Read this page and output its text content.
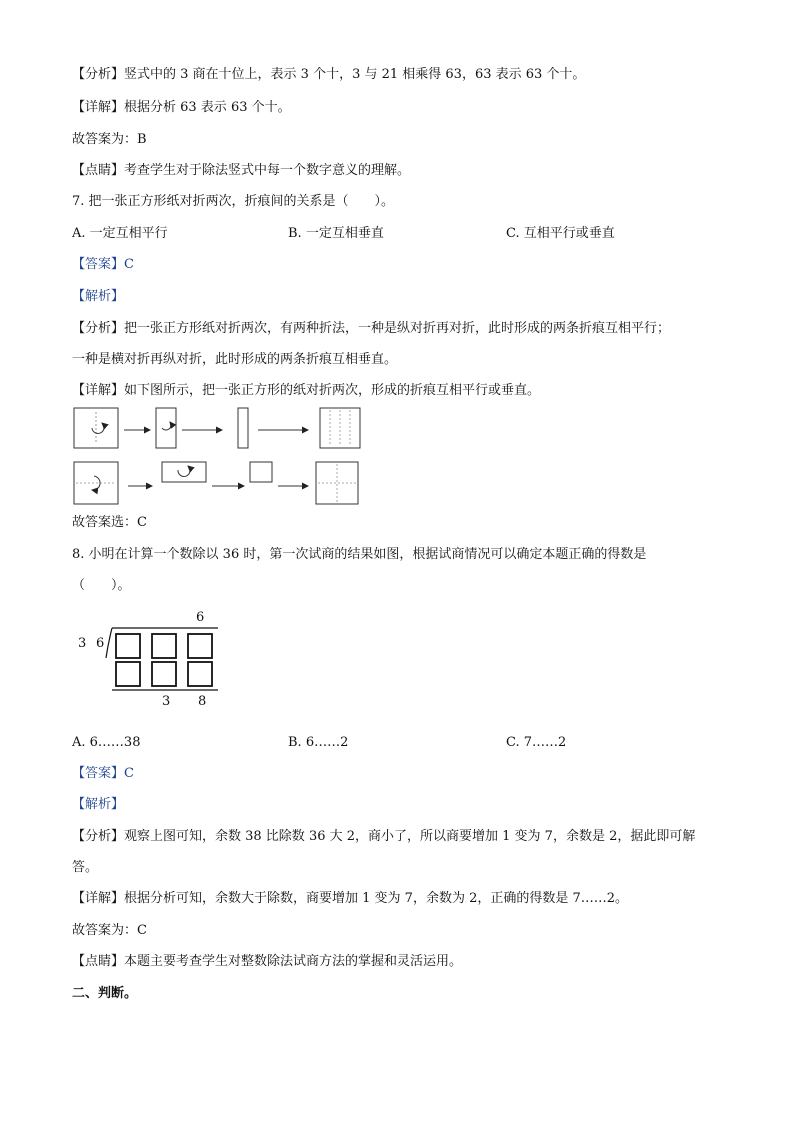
【分析】竖式中的 3 商在十位上，表示 3 个十，3 与 21 相乘得 63，63 表示 63 个十。
【详解】根据分析 63 表示 63 个十。
故答案为：B
【点睛】考查学生对于除法竖式中每一个数字意义的理解。
7. 把一张正方形纸对折两次，折痕间的关系是（　　）。
A. 一定互相平行	B. 一定互相垂直	C. 互相平行或垂直
【答案】C
【解析】
【分析】把一张正方形纸对折两次，有两种折法，一种是纵对折再对折，此时形成的两条折痕互相平行；
一种是横对折再纵对折，此时形成的两条折痕互相垂直。
【详解】如下图所示，把一张正方形的纸对折两次，形成的折痕互相平行或垂直。
故答案选：C
8. 小明在计算一个数除以 36 时，第一次试商的结果如图，根据试商情况可以确定本题正确的得数是
（　　）。
6
3 6
3 8
A. 6……38	B. 6……2	C. 7……2
【答案】C
【解析】
【分析】观察上图可知，余数 38 比除数 36 大 2，商小了，所以商要增加 1 变为 7，余数是 2，据此即可解
答。
【详解】根据分析可知，余数大于除数，商要增加 1 变为 7，余数为 2，正确的得数是 7……2。
故答案为：C
【点睛】本题主要考查学生对整数除法试商方法的掌握和灵活运用。
二、判断。
